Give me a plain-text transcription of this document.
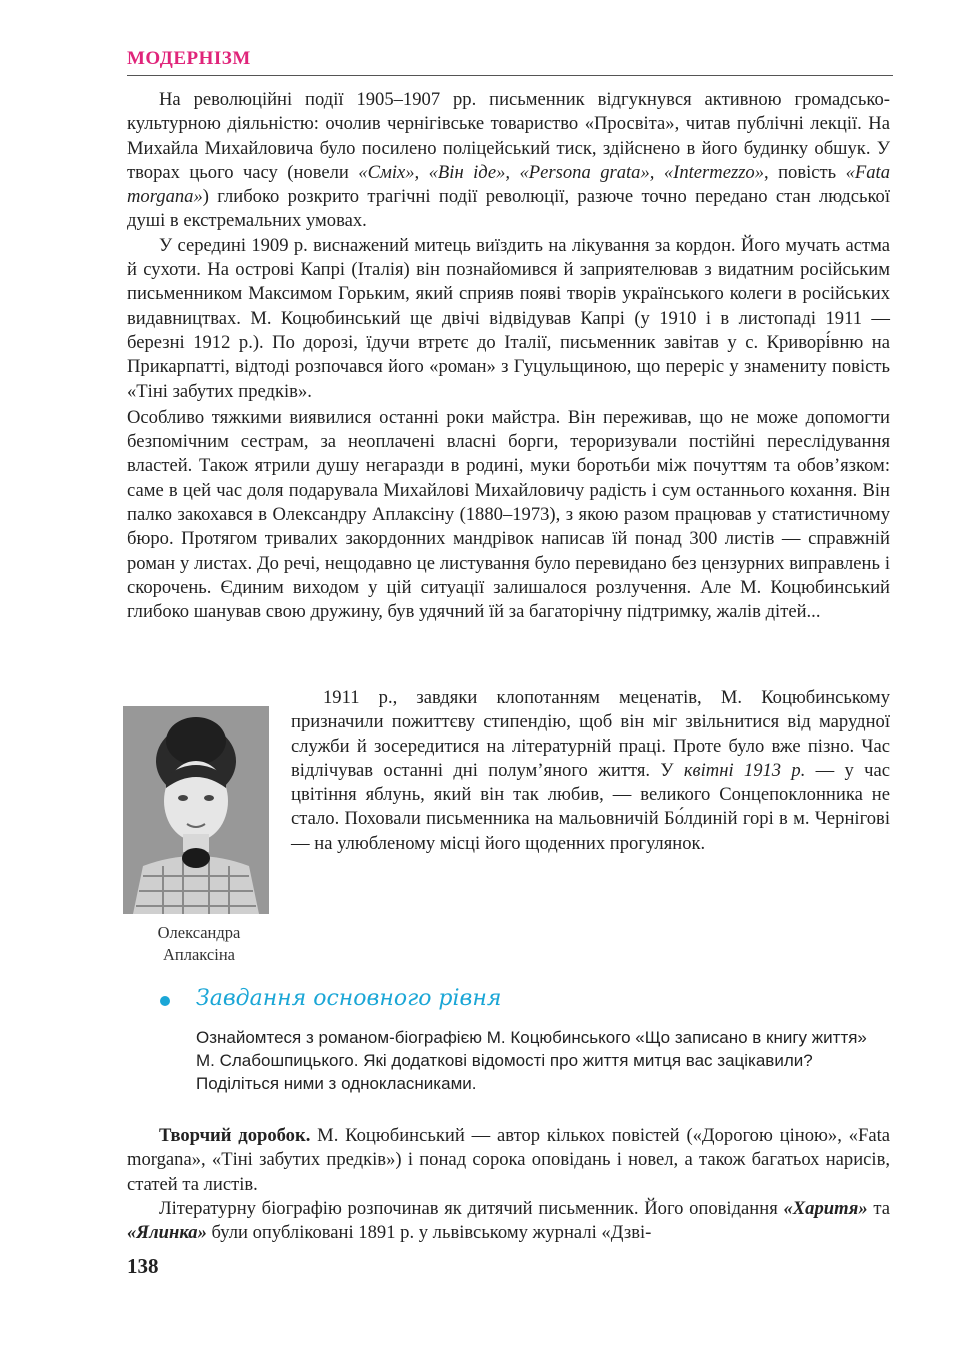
МОДЕРНІЗМ

На революційні події 1905–1907 рр. письменник відгукнувся активною громадсько-культурною діяльністю: очолив чернігівське товариство «Просвіта», читав публічні лекції. На Михайла Михайловича було посилено поліцейський тиск, здійснено в його будинку обшук. У творах цього часу (новели «Сміх», «Він іде», «Persona grata», «Intermezzo», повість «Fata morgana») глибоко розкрито трагічні події революції, разюче точно передано стан людської душі в екстремальних умовах.

У середині 1909 р. виснажений митець виїздить на лікування за кордон. Його мучать астма й сухоти. На острові Капрі (Італія) він познайомився й заприятелював з видатним російським письменником Максимом Горьким, який сприяв появі творів українського колеги в російських видавництвах. М. Коцюбинський ще двічі відвідував Капрі (у 1910 і в листопаді 1911 — березні 1912 р.). По дорозі, їдучи втретє до Італії, письменник завітав у с. Криворі́вню на Прикарпатті, відтоді розпочався його «роман» з Гуцульщиною, що переріс у знамениту повість «Тіні забутих предків».

Особливо тяжкими виявилися останні роки майстра. Він переживав, що не може допомогти безпомічним сестрам, за неоплачені власні борги, тероризували постійні переслідування властей. Також ятрили душу негаразди в родині, муки боротьби між почуттям та обов’язком: саме в цей час доля подарувала Михайлові Михайловичу радість і сум останнього кохання. Він палко закохався в Олександру Аплаксіну (1880–1973), з якою разом працював у статистичному бюро. Протягом тривалих закордонних мандрівок написав їй понад 300 листів — справжній роман у листах. До речі, нещодавно це листування було перевидано без цензурних виправлень і скорочень. Єдиним виходом у цій ситуації залишалося розлучення. Але М. Коцюбинський глибоко шанував свою дружину, був удячний їй за багаторічну підтримку, жалів дітей...

Олександра
Аплаксіна

1911 р., завдяки клопотанням меценатів, М. Коцюбинському призначили пожиттєву стипендію, щоб він міг звільнитися від марудної служби й зосередитися на літературній праці. Проте було вже пізно. Час відлічував останні дні полум’яного життя. У квітні 1913 р. — у час цвітіння яблунь, який він так любив, — великого Сонцепоклонника не стало. Поховали письменника на мальовничій Бо́лдиній горі в м. Чернігові — на улюбленому місці його щоденних прогулянок.

Завдання основного рівня
Ознайомтеся з романом-біографією М. Коцюбинського «Що записано в книгу життя» М. Слабошпицького. Які додаткові відомості про життя митця вас зацікавили? Поділіться ними з однокласниками.

Творчий доробок. М. Коцюбинський — автор кількох повістей («Дорогою ціною», «Fata morgana», «Тіні забутих предків») і понад сорока оповідань і новел, а також багатьох нарисів, статей та листів.

Літературну біографію розпочинав як дитячий письменник. Його оповідання «Харитя» та «Ялинка» були опубліковані 1891 р. у львівському журналі «Дзві-

138
